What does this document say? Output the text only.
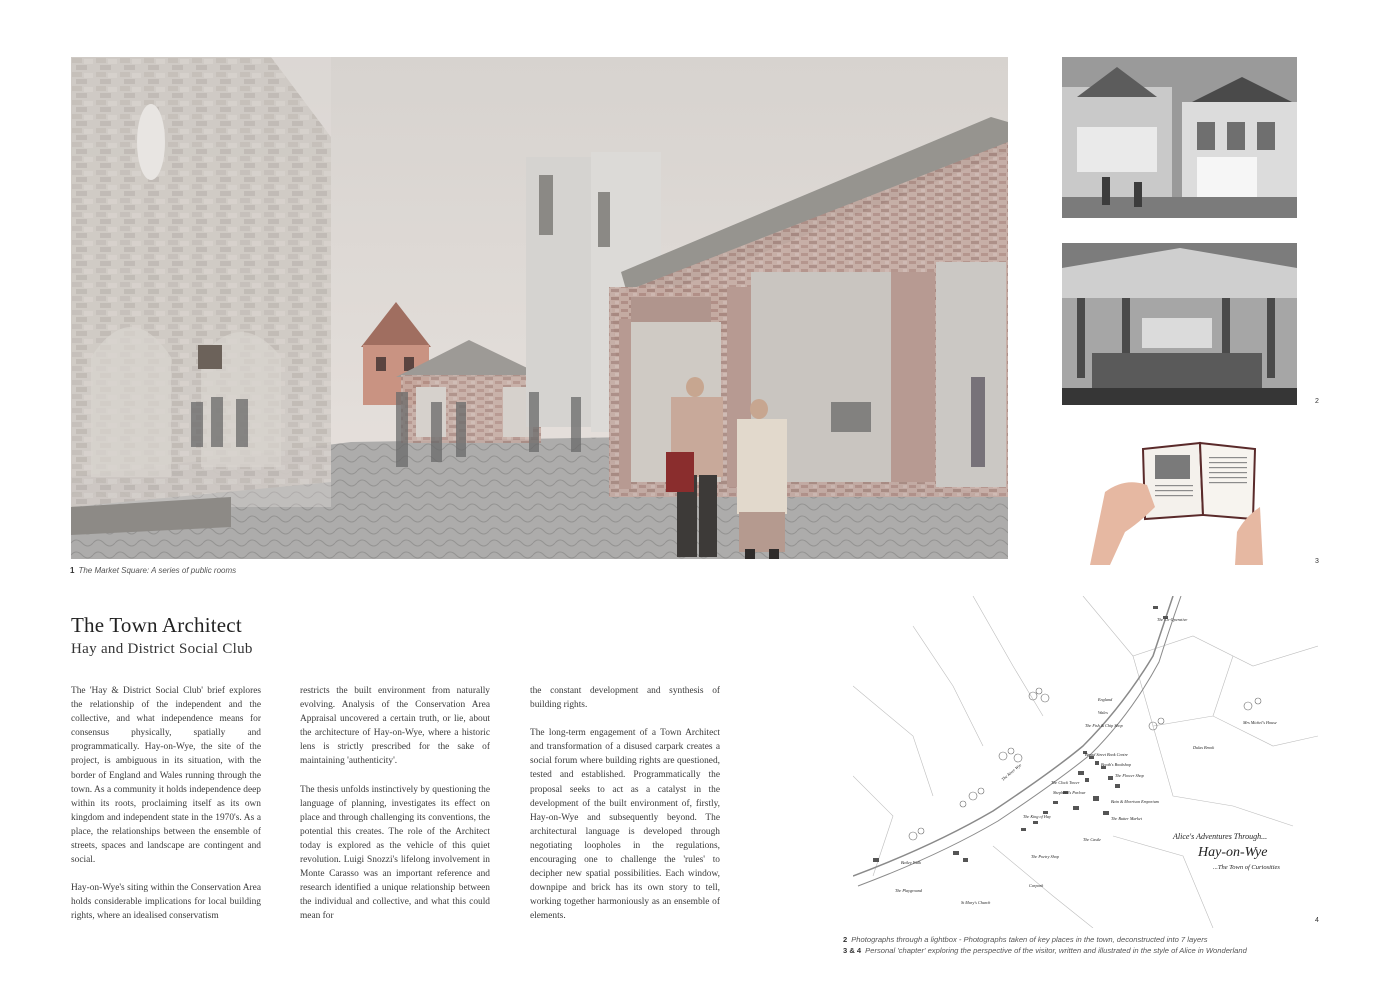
1 The Market Square: A series of public rooms
2
3
The Town Architect
Hay and District Social Club

The 'Hay & District Social Club' brief explores the relationship of the independent and the collective, and what independence means for consensus physically, spatially and programmatically. Hay-on-Wye, the site of the project, is ambiguous in its situation, with the border of England and Wales running through the town. As a community it holds independence deep within its roots, proclaiming itself as its own kingdom and independent state in the 1970's. As a place, the relationships between the ensemble of streets, spaces and landscape are contingent and social.

Hay-on-Wye's siting within the Conservation Area holds considerable implications for local building rights, where an idealised conservatism

restricts the built environment from naturally evolving. Analysis of the Conservation Area Appraisal uncovered a certain truth, or lie, about the architecture of Hay-on-Wye, where a historic lens is strictly prescribed for the sake of maintaining 'authenticity'.

The thesis unfolds instinctively by questioning the language of planning, investigates its effect on place and through challenging its conventions, the potential this creates. The role of the Architect today is explored as the vehicle of this quiet revolution. Luigi Snozzi's lifelong involvement in Monte Carasso was an important reference and research identified a unique relationship between the individual and collective, and what this could mean for

the constant development and synthesis of building rights.

The long-term engagement of a Town Architect and transformation of a disused carpark creates a social forum where building rights are questioned, tested and established. Programmatically the proposal seeks to act as a catalyst in the development of the built environment of, firstly, Hay-on-Wye and subsequently beyond. The architectural language is developed through negotiating loopholes in the regulations, encouraging one to challenge the 'rules' to decipher new spatial possibilities. Each window, downpipe and brick has its own story to tell, working together harmoniously as an ensemble of elements.

The Co-Operative
England
Wales
The Fish & Chip Shop
Mrs Michel's House
Dulas Brook
Broad Street Book Centre
Booth's Bookshop
The Flower Shop
The Clock Tower
Shepherd's Parlour
Bain & Morrison Emporium
The Butter Market
The King of Hay
The Castle
The Poetry Shop
Bailey Walk
Carpark
The Playground
St Mary's Church
The River Wye
Alice's Adventures Through...
Hay-on-Wye
...The Town of Curiosities
4
2 Photographs through a lightbox - Photographs taken of key places in the town, deconstructed into 7 layers
3 & 4 Personal 'chapter' exploring the perspective of the visitor, written and illustrated in the style of Alice in Wonderland
